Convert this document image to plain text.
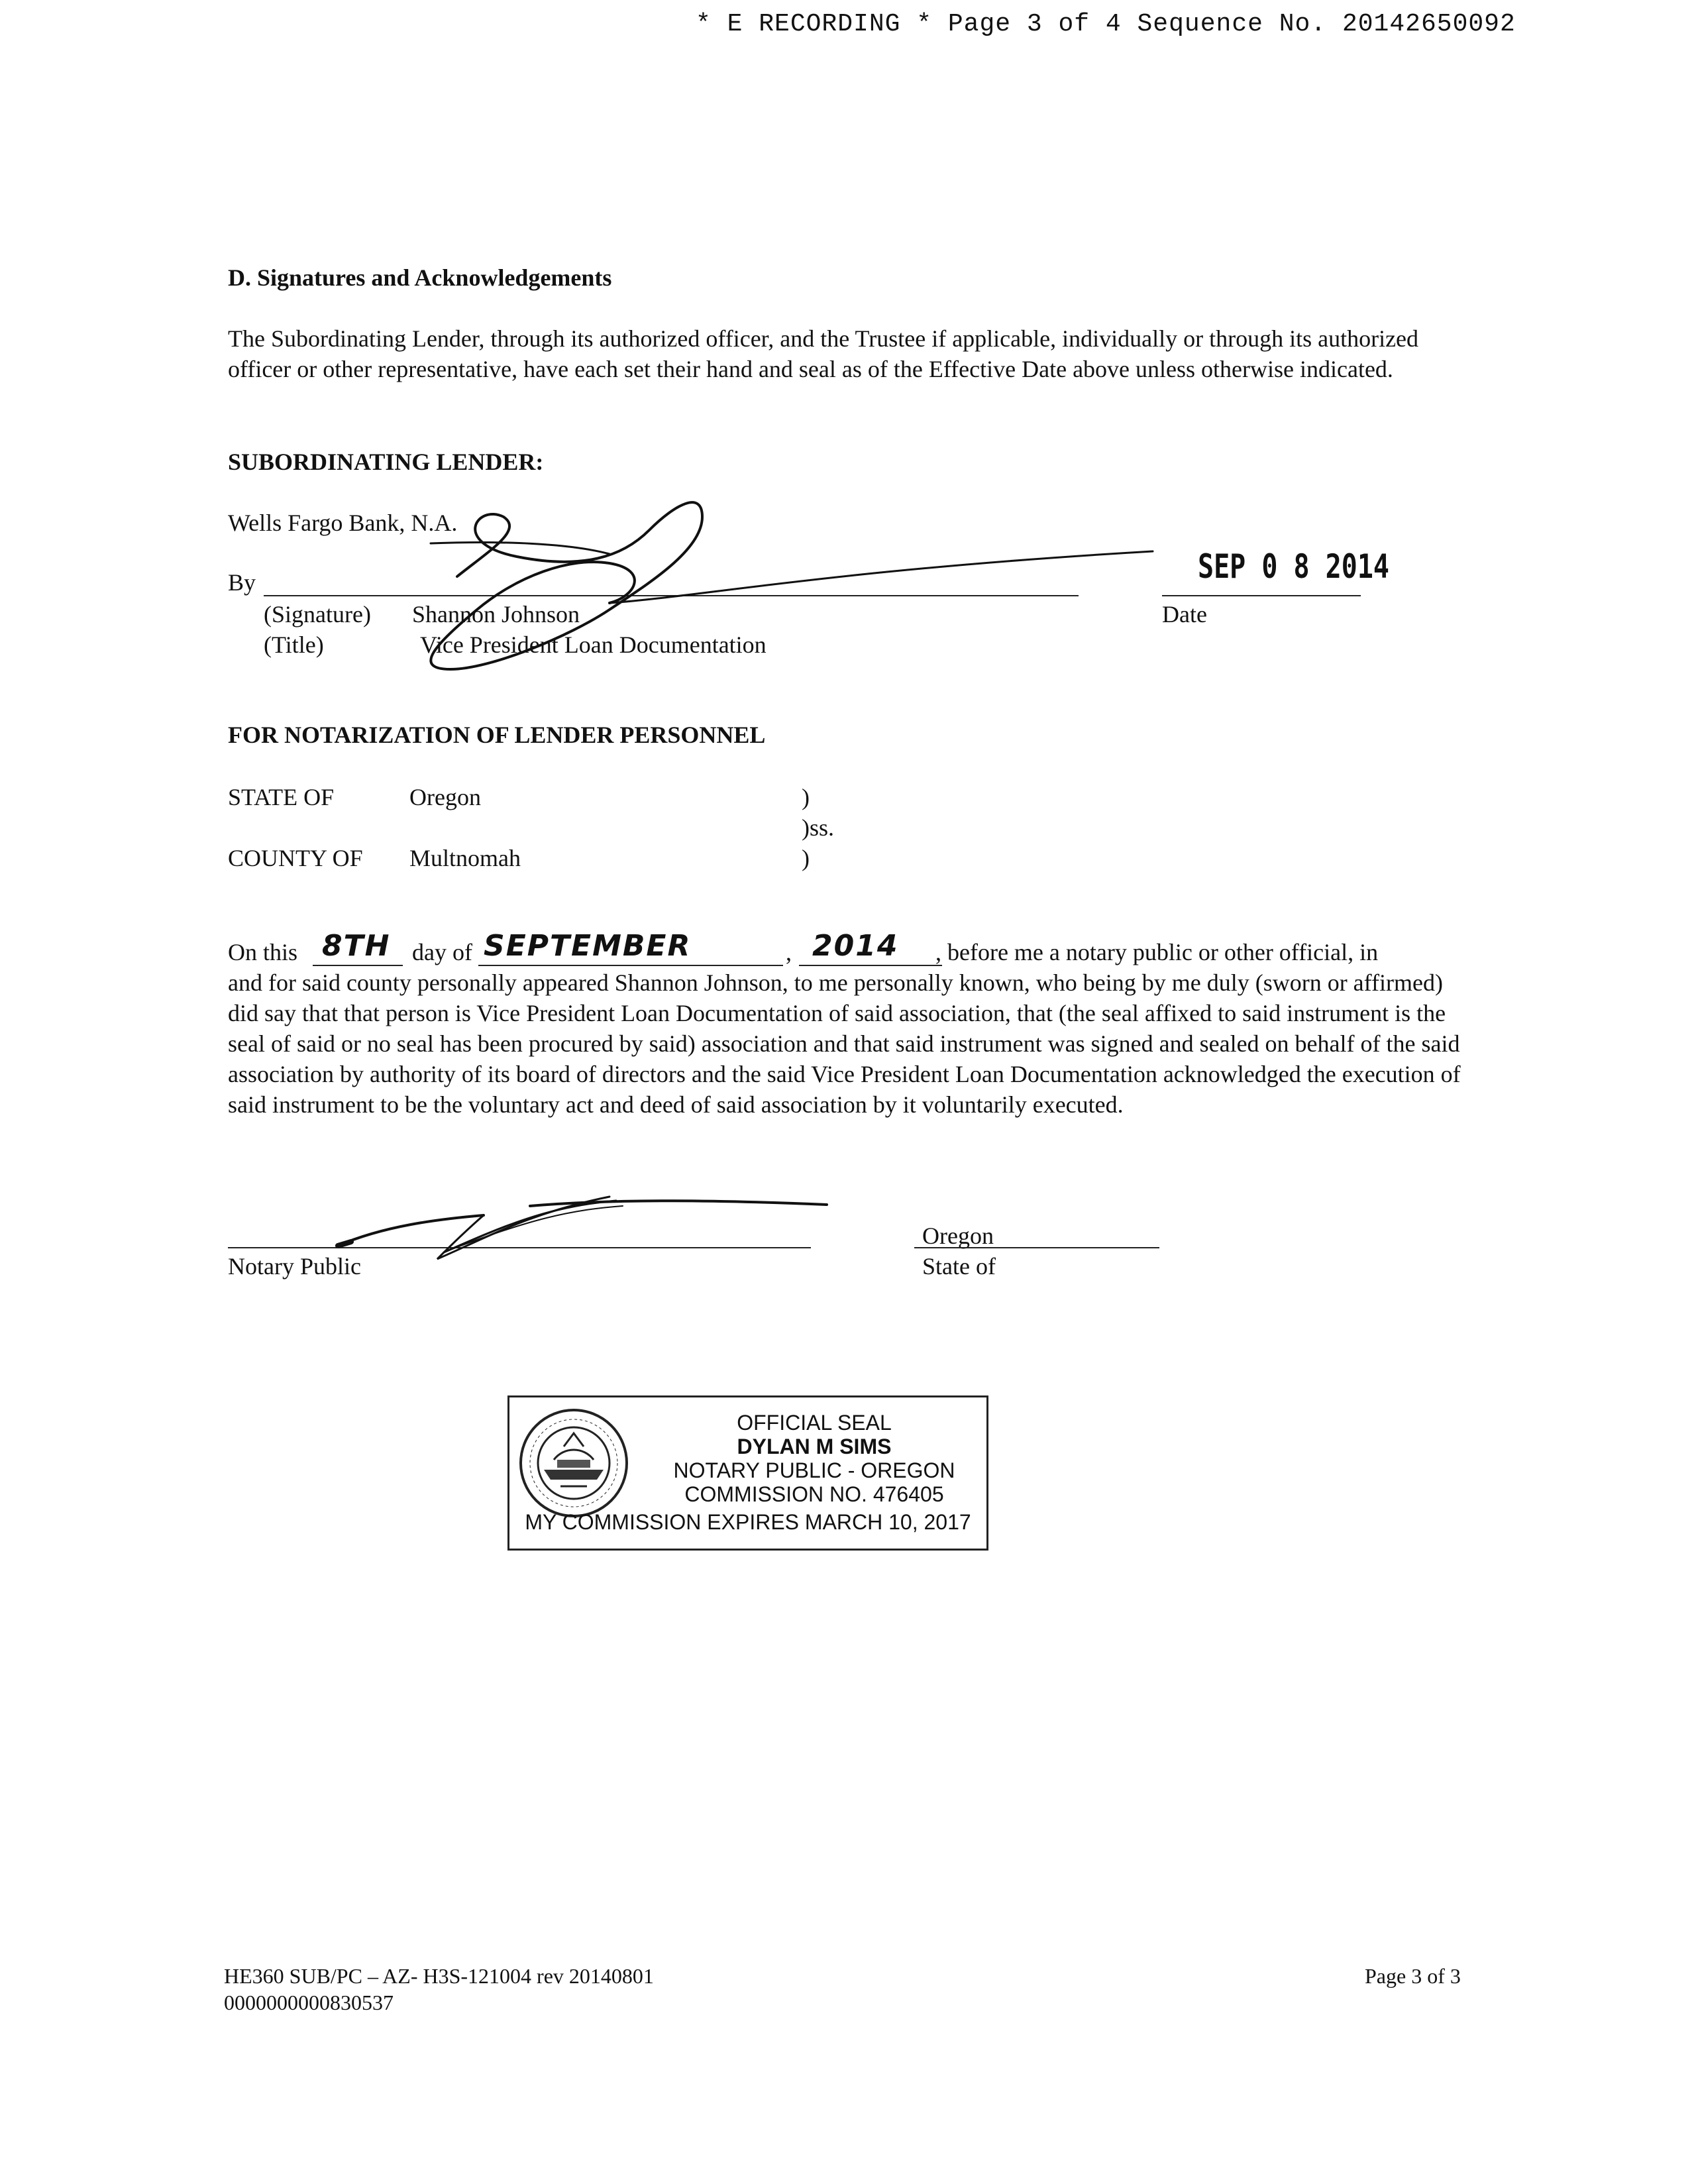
* E RECORDING * Page 3 of 4 Sequence No. 20142650092
D. Signatures and Acknowledgements
The Subordinating Lender, through its authorized officer, and the Trustee if applicable, individually or through its authorized officer or other representative, have each set their hand and seal as of the Effective Date above unless otherwise indicated.
SUBORDINATING LENDER:
Wells Fargo Bank, N.A.
By
(Signature) Shannon Johnson
(Title)	Vice President Loan Documentation
SEP 0 8 2014
Date
FOR NOTARIZATION OF LENDER PERSONNEL
STATE OF	Oregon	)
)ss.
COUNTY OF Multnomah	)
On this 8TH day of SEPTEMBER	, 2014 , before me a notary public or other official, in
and for said county personally appeared Shannon Johnson, to me personally known, who being by me duly (sworn or affirmed) did say that that person is Vice President Loan Documentation of said association, that (the seal affixed to said instrument is the seal of said or no seal has been procured by said) association and that said instrument was signed and sealed on behalf of the said association by authority of its board of directors and the said Vice President Loan Documentation acknowledged the execution of said instrument to be the voluntary act and deed of said association by it voluntarily executed.
Notary Public
Oregon
State of
OFFICIAL SEAL
DYLAN M SIMS
NOTARY PUBLIC - OREGON
COMMISSION NO. 476405
MY COMMISSION EXPIRES MARCH 10, 2017
HE360 SUB/PC – AZ- H3S-121004 rev 20140801
0000000000830537
Page 3 of 3
